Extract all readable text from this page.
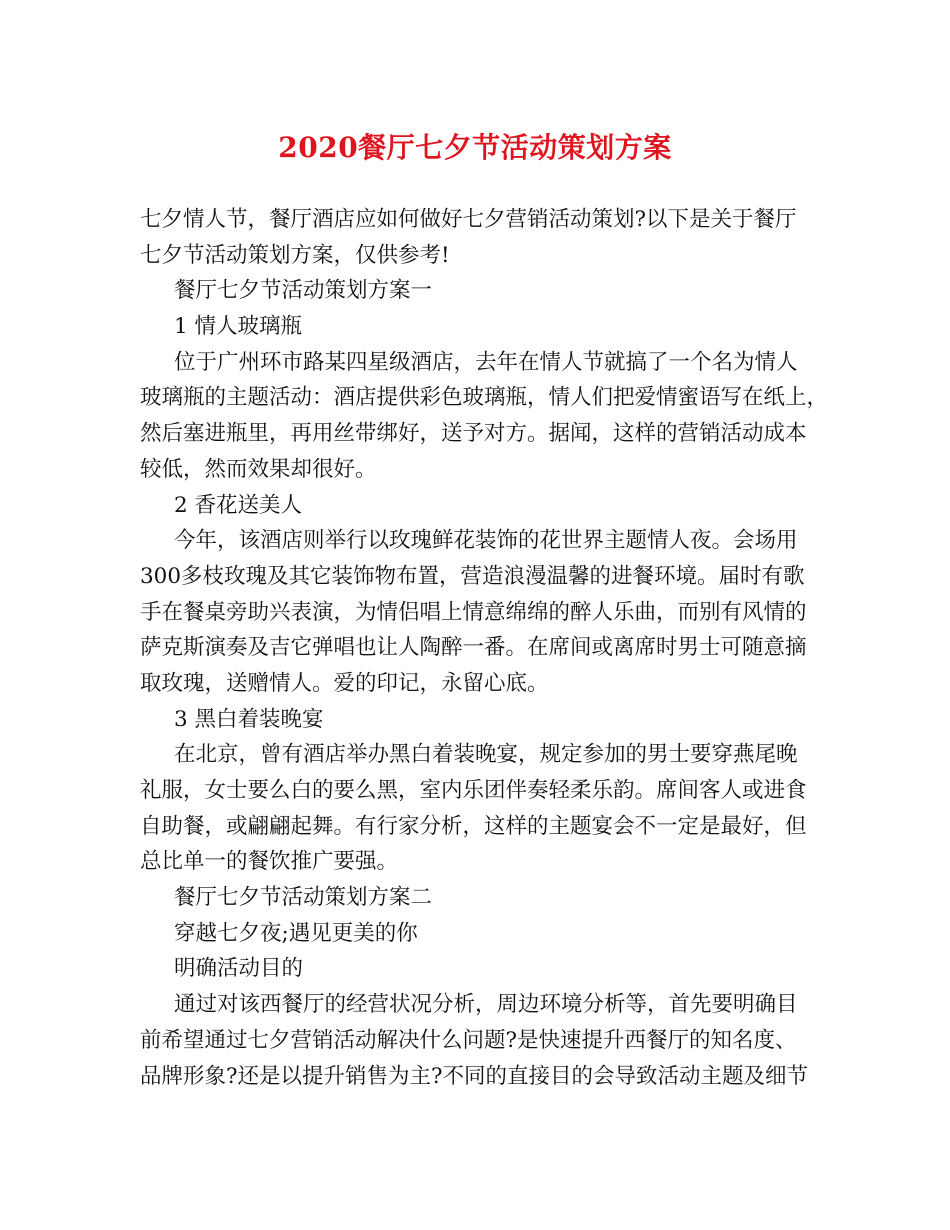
2020餐厅七夕节活动策划方案
七夕情人节，餐厅酒店应如何做好七夕营销活动策划?以下是关于餐厅
七夕节活动策划方案，仅供参考!
餐厅七夕节活动策划方案一
1 情人玻璃瓶
位于广州环市路某四星级酒店，去年在情人节就搞了一个名为情人
玻璃瓶的主题活动：酒店提供彩色玻璃瓶，情人们把爱情蜜语写在纸上，
然后塞进瓶里，再用丝带绑好，送予对方。据闻，这样的营销活动成本
较低，然而效果却很好。
2 香花送美人
今年，该酒店则举行以玫瑰鲜花装饰的花世界主题情人夜。会场用
300多枝玫瑰及其它装饰物布置，营造浪漫温馨的进餐环境。届时有歌
手在餐桌旁助兴表演，为情侣唱上情意绵绵的醉人乐曲，而别有风情的
萨克斯演奏及吉它弹唱也让人陶醉一番。在席间或离席时男士可随意摘
取玫瑰，送赠情人。爱的印记，永留心底。
3 黑白着装晚宴
在北京，曾有酒店举办黑白着装晚宴，规定参加的男士要穿燕尾晚
礼服，女士要么白的要么黑，室内乐团伴奏轻柔乐韵。席间客人或进食
自助餐，或翩翩起舞。有行家分析，这样的主题宴会不一定是最好，但
总比单一的餐饮推广要强。
餐厅七夕节活动策划方案二
穿越七夕夜;遇见更美的你
明确活动目的
通过对该西餐厅的经营状况分析，周边环境分析等，首先要明确目
前希望通过七夕营销活动解决什么问题?是快速提升西餐厅的知名度、
品牌形象?还是以提升销售为主?不同的直接目的会导致活动主题及细节
